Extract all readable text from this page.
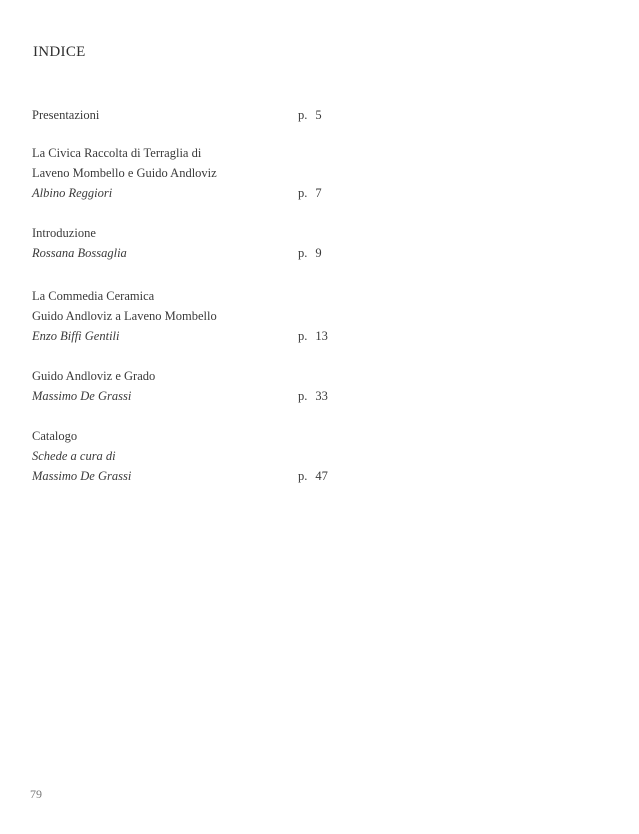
INDICE
Presentazioni	p. 5
La Civica Raccolta di Terraglia di
Laveno Mombello e Guido Andloviz
Albino Reggiori	p. 7
Introduzione
Rossana Bossaglia	p. 9
La Commedia Ceramica
Guido Andloviz a Laveno Mombello
Enzo Biffi Gentili	p. 13
Guido Andloviz e Grado
Massimo De Grassi	p. 33
Catalogo
Schede a cura di
Massimo De Grassi	p. 47
79
